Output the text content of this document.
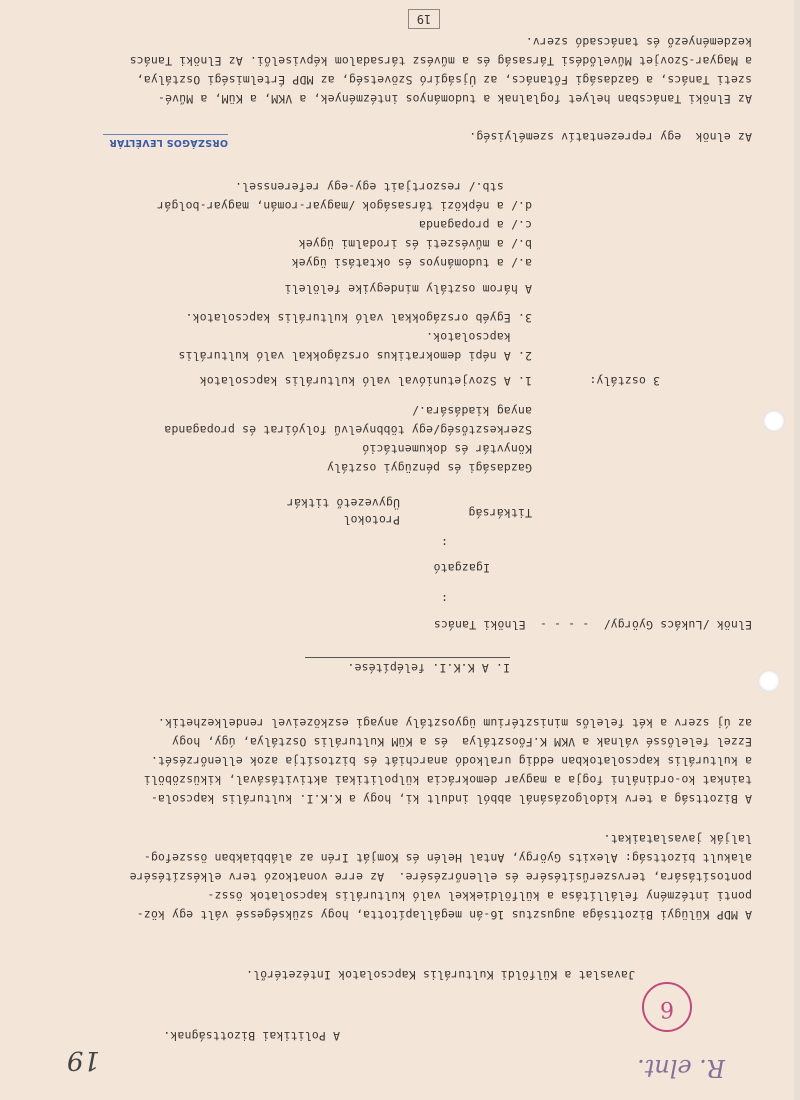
R. elnt.
6
19
A Politikai Bizottságnak.
Javaslat a Külföldi Kulturális Kapcsolatok Intézetéről.
A MDP Külügyi Bizottsága augusztus 16-án megállapította, hogy szükségessé vált egy köz-
ponti intézmény felállítása a külföldiekkel való kulturális kapcsolatok össz-
pontosítására, tervszerűsítésére és ellenőrzésére.  Az erre vonatkozó terv elkészítésére
alakult bizottság: Alexits György, Antal Helén és Komját Irén az alábbiakban összefog-
lalják javaslataikat.
A Bizottság a terv kidolgozásánál abból indult ki, hogy a K.K.I. kulturális kapcsola-
tainkat ko-ordinálni fogja a magyar demokrácia külpolitikai aktivitásával, kiküszöböli
a kulturális kapcsolatokban eddig uralkodó anarchiát és biztosítja azok ellenőrzését.
Ezzel felelőssé válnak a VKM K.Főosztálya  és a KüM Kulturális Osztálya, úgy, hogy
az új szerv a két felelős minisztérium ügyosztály anyagi eszközeivel rendelkezhetik.
I. A K.K.I. felépítése.
Elnök /Lukács György/  - - - -  Elnöki Tanács
:
Igazgató
:
Titkárság
Protokol
Ügyvezető titkár
Gazdasági és pénzügyi osztály
Könyvtár és dokumentáció
Szerkesztőség/egy többnyelvű folyóirat és propaganda
anyag kiadására./
3 osztály:
1. A Szovjetunióval való kulturális kapcsolatok
2. A népi demokratikus országokkal való kulturális
kapcsolatok.
3. Egyéb országokkal való kulturális kapcsolatok.
A három osztály mindegyike felöleli
a./ a tudományos és oktatási ügyek
b./ a művészeti és irodalmi ügyek
c./ a propaganda
d./ a népközi társaságok /magyar-román, magyar-bolgár
stb./ reszortjait egy-egy referenssel.
Az elnök  egy reprezentatív személyiség.
ORSZÁGOS LEVÉLTÁR
Az Elnöki Tanácsban helyet foglalnak a tudományos intézmények, a VKM, a KüM, a Művé-
szeti Tanács, a Gazdasági Főtanács, az Újságíró Szövetség, az MDP Értelmiségi Osztálya,
a Magyar-Szovjet Művelődési Társaság és a művész társadalom képviselői. Az Elnöki Tanács
kezdeményező és tanácsadó szerv.
19
